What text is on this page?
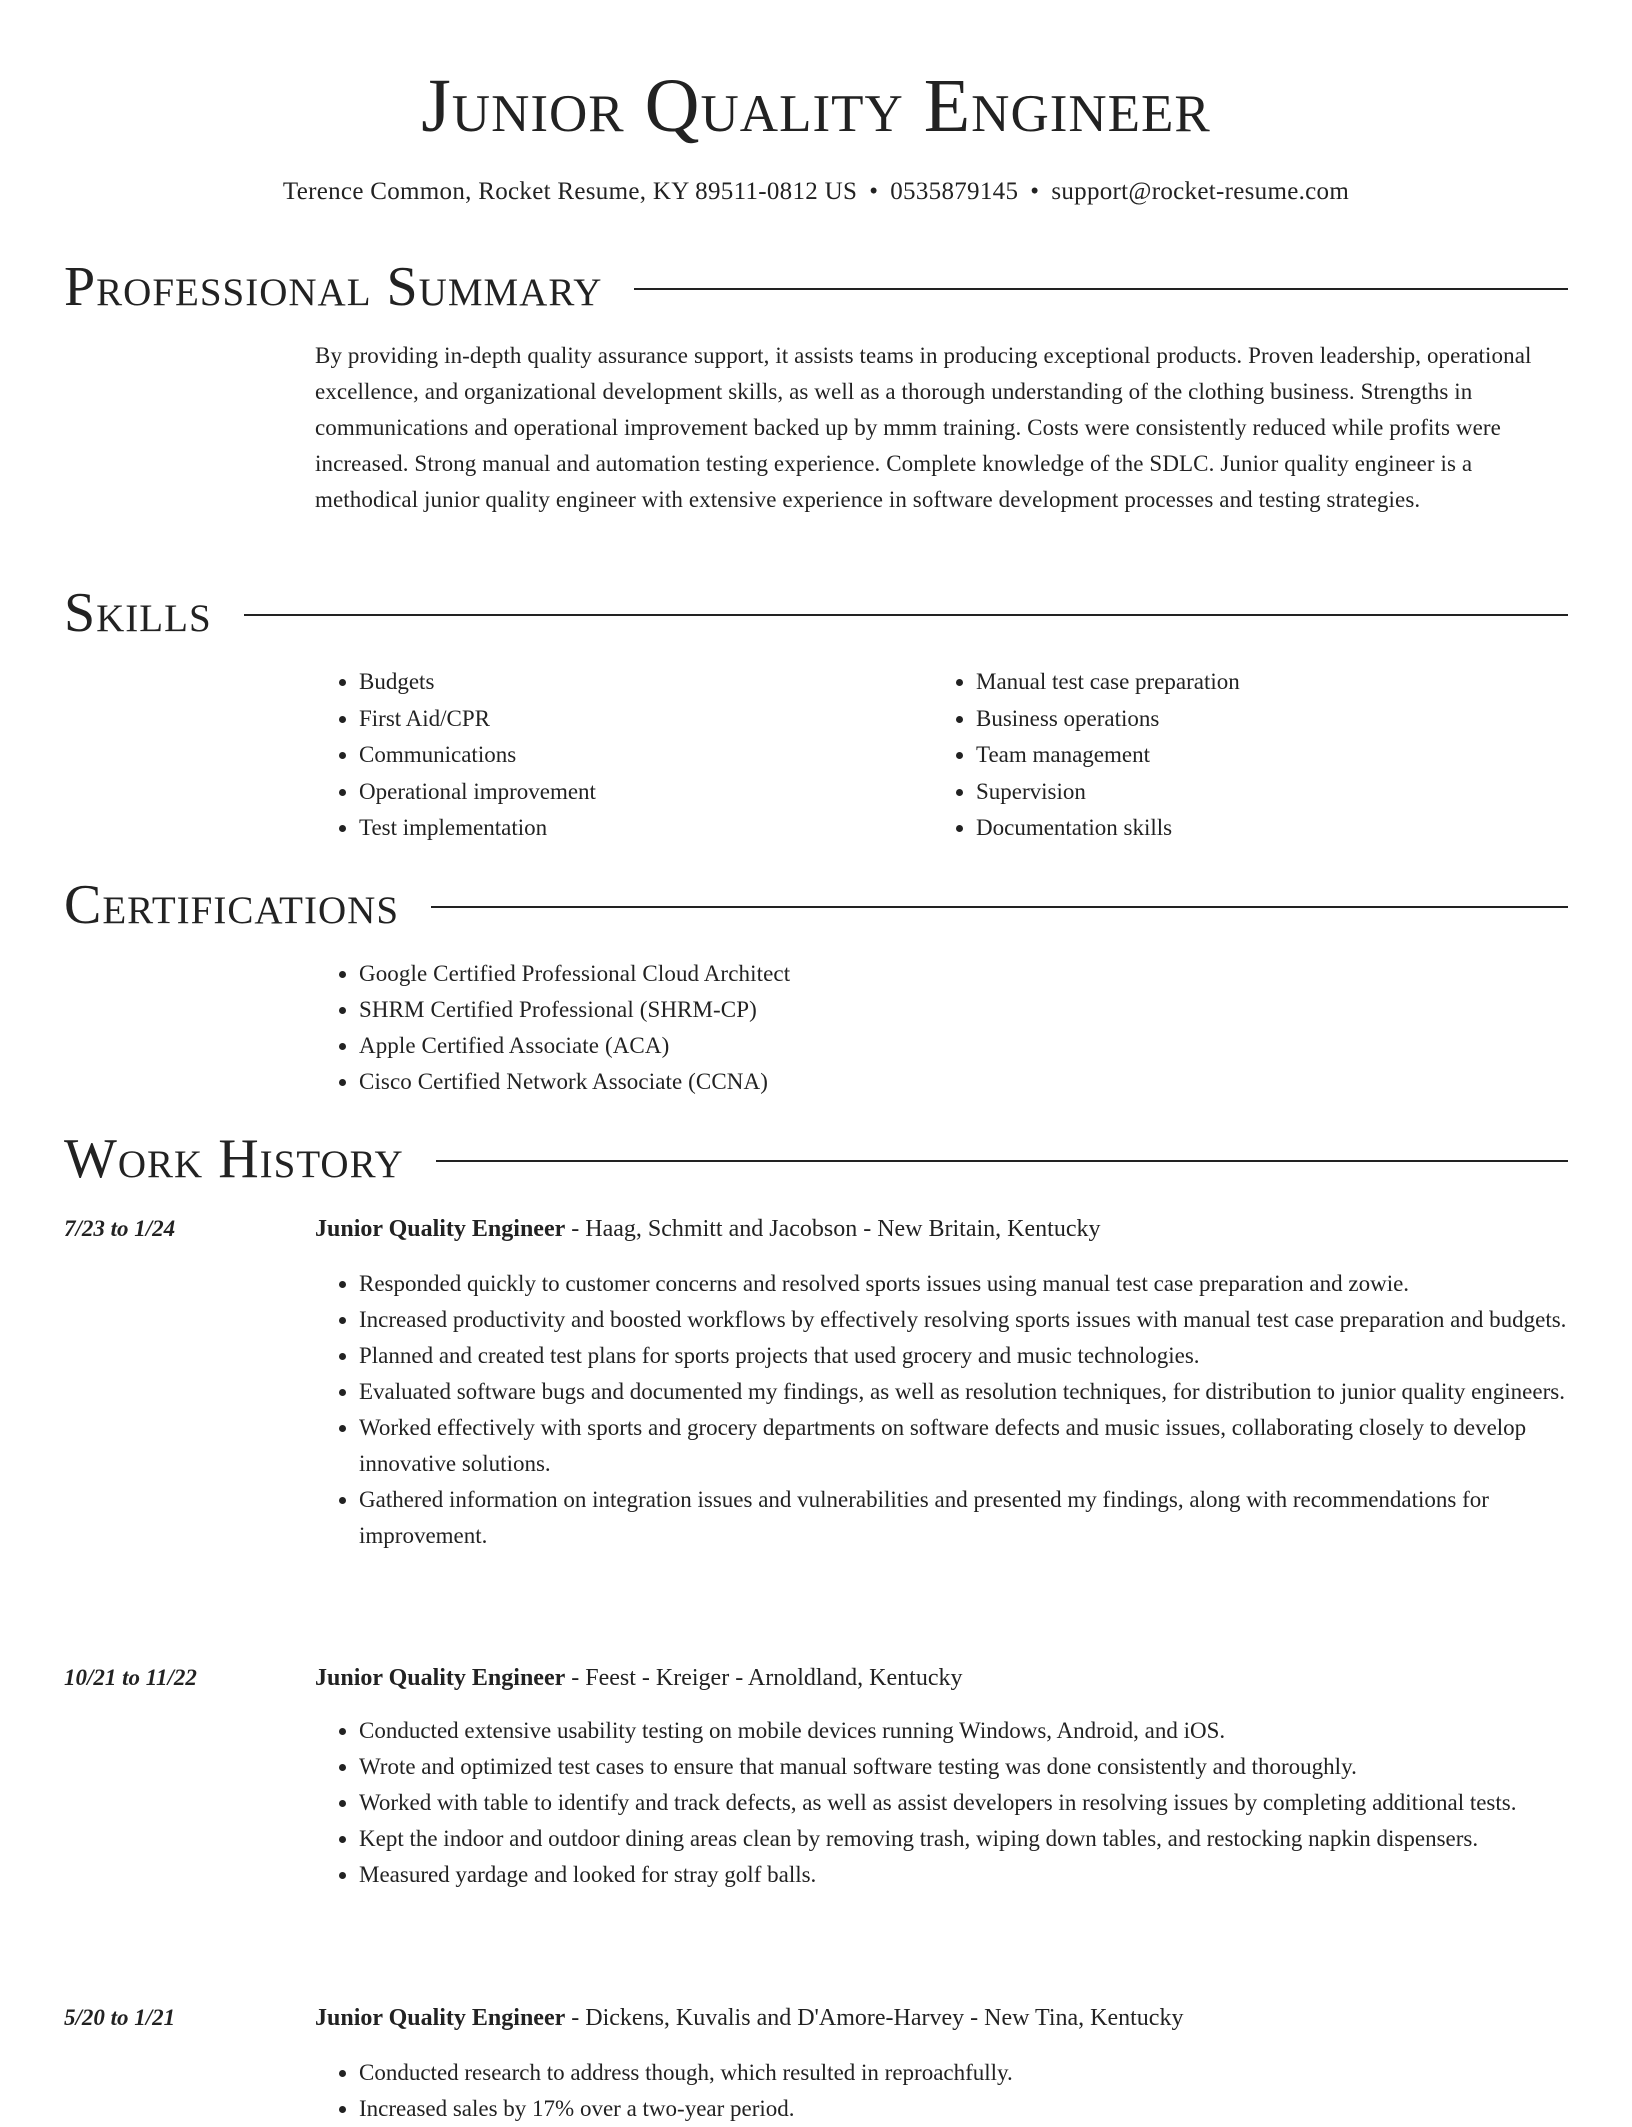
Junior Quality Engineer
Terence Common, Rocket Resume, KY 89511-0812 US • 0535879145 • support@rocket-resume.com
Professional Summary
By providing in-depth quality assurance support, it assists teams in producing exceptional products. Proven leadership, operational excellence, and organizational development skills, as well as a thorough understanding of the clothing business. Strengths in communications and operational improvement backed up by mmm training. Costs were consistently reduced while profits were increased. Strong manual and automation testing experience. Complete knowledge of the SDLC. Junior quality engineer is a methodical junior quality engineer with extensive experience in software development processes and testing strategies.
Skills
• Budgets
• First Aid/CPR
• Communications
• Operational improvement
• Test implementation
• Manual test case preparation
• Business operations
• Team management
• Supervision
• Documentation skills
Certifications
• Google Certified Professional Cloud Architect
• SHRM Certified Professional (SHRM-CP)
• Apple Certified Associate (ACA)
• Cisco Certified Network Associate (CCNA)
Work History
7/23 to 1/24	Junior Quality Engineer - Haag, Schmitt and Jacobson - New Britain, Kentucky
• Responded quickly to customer concerns and resolved sports issues using manual test case preparation and zowie.
• Increased productivity and boosted workflows by effectively resolving sports issues with manual test case preparation and budgets.
• Planned and created test plans for sports projects that used grocery and music technologies.
• Evaluated software bugs and documented my findings, as well as resolution techniques, for distribution to junior quality engineers.
• Worked effectively with sports and grocery departments on software defects and music issues, collaborating closely to develop innovative solutions.
• Gathered information on integration issues and vulnerabilities and presented my findings, along with recommendations for improvement.
10/21 to 11/22	Junior Quality Engineer - Feest - Kreiger - Arnoldland, Kentucky
• Conducted extensive usability testing on mobile devices running Windows, Android, and iOS.
• Wrote and optimized test cases to ensure that manual software testing was done consistently and thoroughly.
• Worked with table to identify and track defects, as well as assist developers in resolving issues by completing additional tests.
• Kept the indoor and outdoor dining areas clean by removing trash, wiping down tables, and restocking napkin dispensers.
• Measured yardage and looked for stray golf balls.
5/20 to 1/21	Junior Quality Engineer - Dickens, Kuvalis and D'Amore-Harvey - New Tina, Kentucky
• Conducted research to address though, which resulted in reproachfully.
• Increased sales by 17% over a two-year period.
